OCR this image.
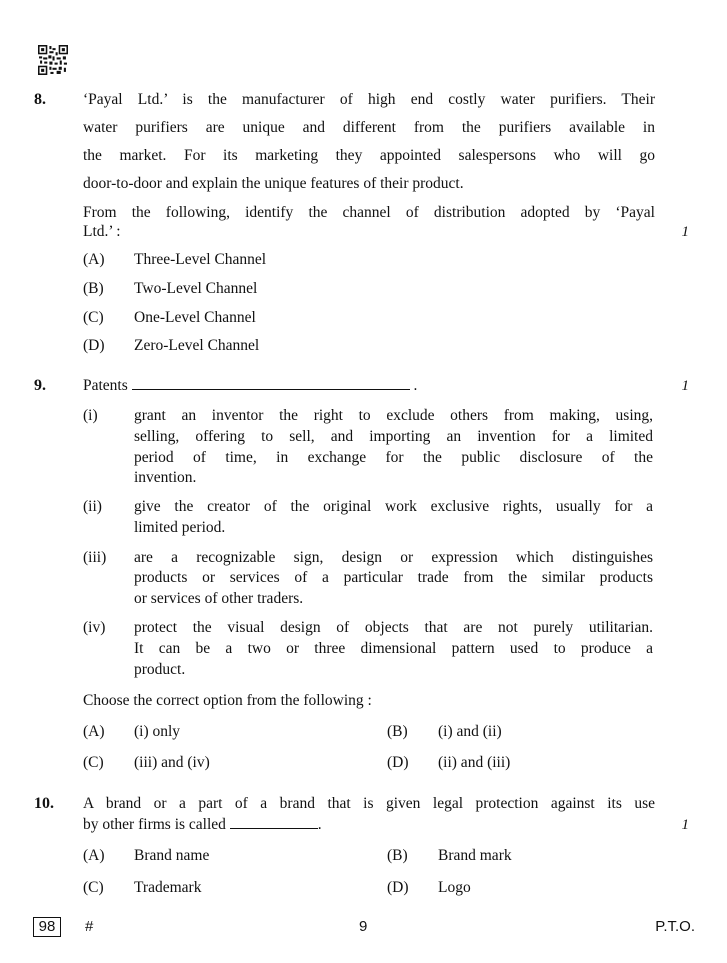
8. ‘Payal Ltd.’ is the manufacturer of high end costly water purifiers. Their
water purifiers are unique and different from the purifiers available in
the market. For its marketing they appointed salespersons who will go
door-to-door and explain the unique features of their product.
From the following, identify the channel of distribution adopted by ‘Payal
Ltd.’ :	1
(A) Three-Level Channel
(B) Two-Level Channel
(C) One-Level Channel
(D) Zero-Level Channel
9. Patents	.	1
(i) grant an inventor the right to exclude others from making, using,
selling, offering to sell, and importing an invention for a limited
period of time, in exchange for the public disclosure of the
invention.
(ii) give the creator of the original work exclusive rights, usually for a
limited period.
(iii) are a recognizable sign, design or expression which distinguishes
products or services of a particular trade from the similar products
or services of other traders.
(iv) protect the visual design of objects that are not purely utilitarian.
It can be a two or three dimensional pattern used to produce a
product.
Choose the correct option from the following :
(A) (i) only	(B) (i) and (ii)
(C) (iii) and (iv)	(D) (ii) and (iii)
10. A brand or a part of a brand that is given legal protection against its use
by other firms is called	.	1
(A) Brand name	(B) Brand mark
(C) Trademark	(D) Logo
98	#	9	P.T.O.
